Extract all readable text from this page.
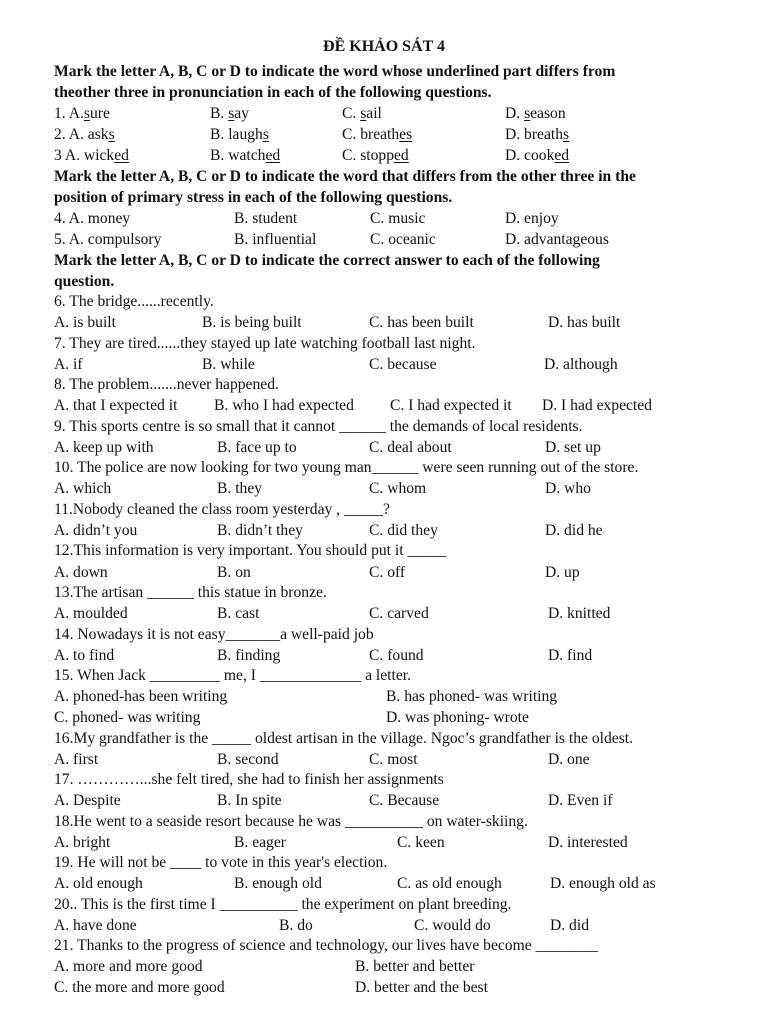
ĐỀ KHẢO SÁT 4
Mark the letter A, B, C or D to indicate the word whose underlined part differs from
theother three in pronunciation in each of the following questions.
1. A.sure	B. say	C. sail	D. season
2. A. asks	B. laughs	C. breathes	D. breaths
3 A. wicked	B. watched	C. stopped	D. cooked
Mark the letter A, B, C or D to indicate the word that differs from the other three in the
position of primary stress in each of the following questions.
4. A. money	B. student	C. music	D. enjoy
5. A. compulsory	B. influential	C. oceanic	D. advantageous
Mark the letter A, B, C or D to indicate the correct answer to each of the following
question.
6. The bridge......recently.
A. is built	B. is being built	C. has been built	D. has built
7. They are tired......they stayed up late watching football last night.
A. if	B. while	C. because	D. although
8. The problem.......never happened.
A. that I expected it B. who I had expected C. I had expected it D. I had expected
9. This sports centre is so small that it cannot ______ the demands of local residents.
A. keep up with	B. face up to	C. deal about	D. set up
10. The police are now looking for two young man______ were seen running out of the store.
A. which	B. they	C. whom	D. who
11.Nobody cleaned the class room yesterday , _____?
A. didn’t you	B. didn’t they	C. did they	D. did he
12.This information is very important. You should put it _____
A. down	B. on	C. off	D. up
13.The artisan ______ this statue in bronze.
A. moulded	B. cast	C. carved	D. knitted
14. Nowadays it is not easy_______a well-paid job
A. to find	B. finding	C. found	D. find
15. When Jack _________ me, I _____________ a letter.
A. phoned-has been writing	B. has phoned- was writing
C. phoned- was writing	D. was phoning- wrote
16.My grandfather is the _____ oldest artisan in the village. Ngoc’s grandfather is the oldest.
A. first	B. second	C. most	D. one
17. …………...she felt tired, she had to finish her assignments
A. Despite	B. In spite	C. Because	D. Even if
18.He went to a seaside resort because he was __________ on water-skiing.
A. bright	B. eager	C. keen	D. interested
19. He will not be ____ to vote in this year's election.
A. old enough	B. enough old	C. as old enough	D. enough old as
20.. This is the first time I __________ the experiment on plant breeding.
A. have done	B. do	C. would do	D. did
21. Thanks to the progress of science and technology, our lives have become ________
A. more and more good	B. better and better
C. the more and more good	D. better and the best
